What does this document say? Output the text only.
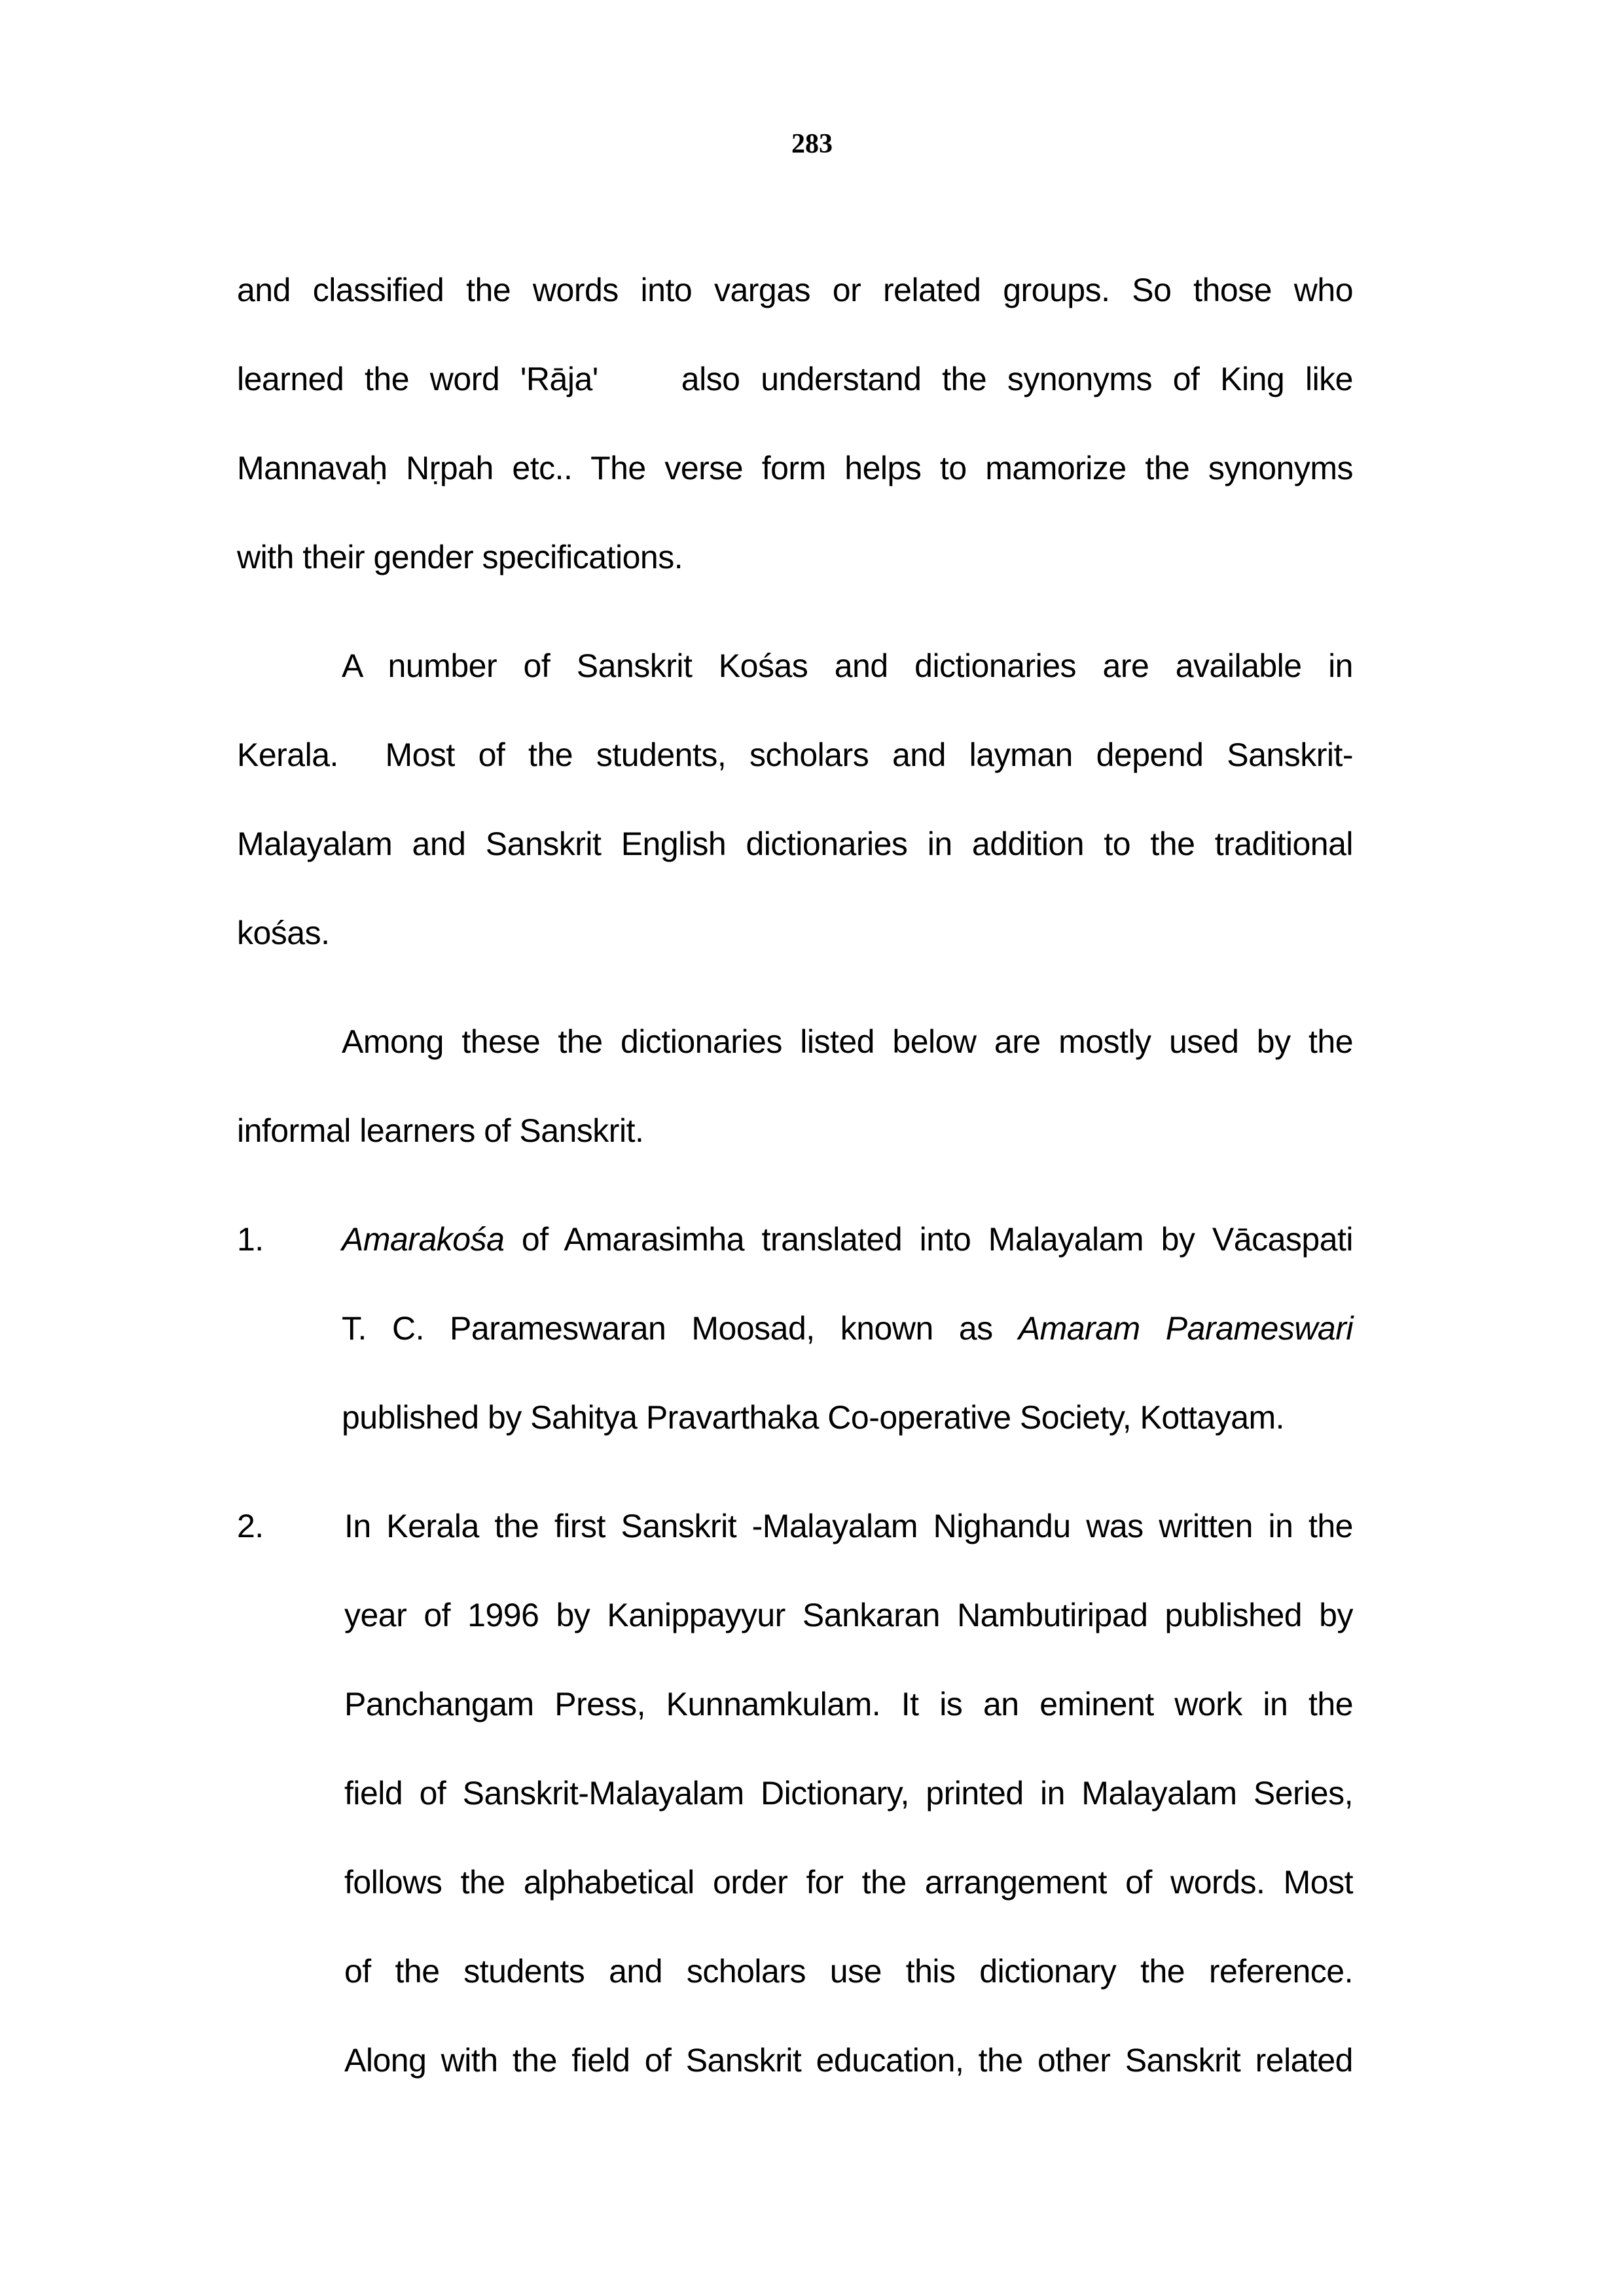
283
and classified the words into vargas or related groups. So those who
learned the word 'Rāja'    also understand the synonyms of King like
Mannavaḥ Nṛpah etc.. The verse form helps to mamorize the synonyms
with their gender specifications.
A number of Sanskrit Kośas and dictionaries are available in
Kerala.  Most of the students, scholars and layman depend Sanskrit-
Malayalam and Sanskrit English dictionaries in addition to the traditional
kośas.
Among these the dictionaries listed below are mostly used by the
informal learners of Sanskrit.
1. Amarakośa of Amarasimha translated into Malayalam by Vācaspati
T. C. Parameswaran Moosad, known as Amaram Parameswari
published by Sahitya Pravarthaka Co-operative Society, Kottayam.
2. In Kerala the first Sanskrit -Malayalam Nighandu was written in the
year of 1996 by Kanippayyur Sankaran Nambutiripad published by
Panchangam Press, Kunnamkulam. It is an eminent work in the
field of Sanskrit-Malayalam Dictionary, printed in Malayalam Series,
follows the alphabetical order for the arrangement of words. Most
of the students and scholars use this dictionary the reference.
Along with the field of Sanskrit education, the other Sanskrit related
